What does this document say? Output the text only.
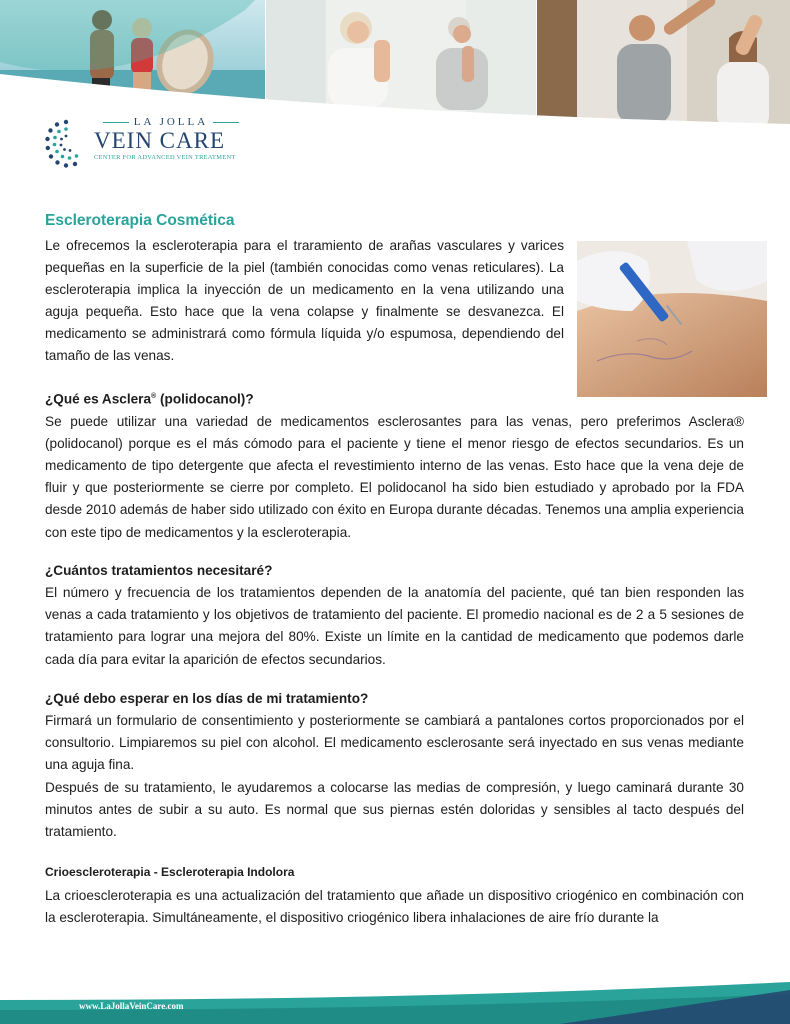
LA JOLLA
VEIN CARE
CENTER FOR ADVANCED VEIN TREATMENT
Escleroterapia Cosmética

Le ofrecemos la escleroterapia para el traramiento de arañas vasculares y varices pequeñas en la superficie de la piel (también conocidas como venas reticulares). La escleroterapia implica la inyección de un medicamento en la vena utilizando una aguja pequeña. Esto hace que la vena colapse y finalmente se desvanezca. El medicamento se administrará como fórmula líquida y/o espumosa, dependiendo del tamaño de las venas.

¿Qué es Asclera® (polidocanol)?

Se puede utilizar una variedad de medicamentos esclerosantes para las venas, pero preferimos Asclera® (polidocanol) porque es el más cómodo para el paciente y tiene el menor riesgo de efectos secundarios. Es un medicamento de tipo detergente que afecta el revestimiento interno de las venas. Esto hace que la vena deje de fluir y que posteriormente se cierre por completo. El polidocanol ha sido bien estudiado y aprobado por la FDA desde 2010 además de haber sido utilizado con éxito en Europa durante décadas. Tenemos una amplia experiencia con este tipo de medicamentos y la escleroterapia.

¿Cuántos tratamientos necesitaré?

El número y frecuencia de los tratamientos dependen de la anatomía del paciente, qué tan bien responden las venas a cada tratamiento y los objetivos de tratamiento del paciente. El promedio nacional es de 2 a 5 sesiones de tratamiento para lograr una mejora del 80%. Existe un límite en la cantidad de medicamento que podemos darle cada día para evitar la aparición de efectos secundarios.

¿Qué debo esperar en los días de mi tratamiento?

Firmará un formulario de consentimiento y posteriormente se cambiará a pantalones cortos proporcionados por el consultorio. Limpiaremos su piel con alcohol. El medicamento esclerosante será inyectado en sus venas mediante una aguja fina.

Después de su tratamiento, le ayudaremos a colocarse las medias de compresión, y luego caminará durante 30 minutos antes de subir a su auto. Es normal que sus piernas estén doloridas y sensibles al tacto después del tratamiento.

Crioescleroterapia - Escleroterapia Indolora

La crioescleroterapia es una actualización del tratamiento que añade un dispositivo criogénico en combinación con la escleroterapia. Simultáneamente, el dispositivo criogénico libera inhalaciones de aire frío durante la

www.LaJollaVeinCare.com
